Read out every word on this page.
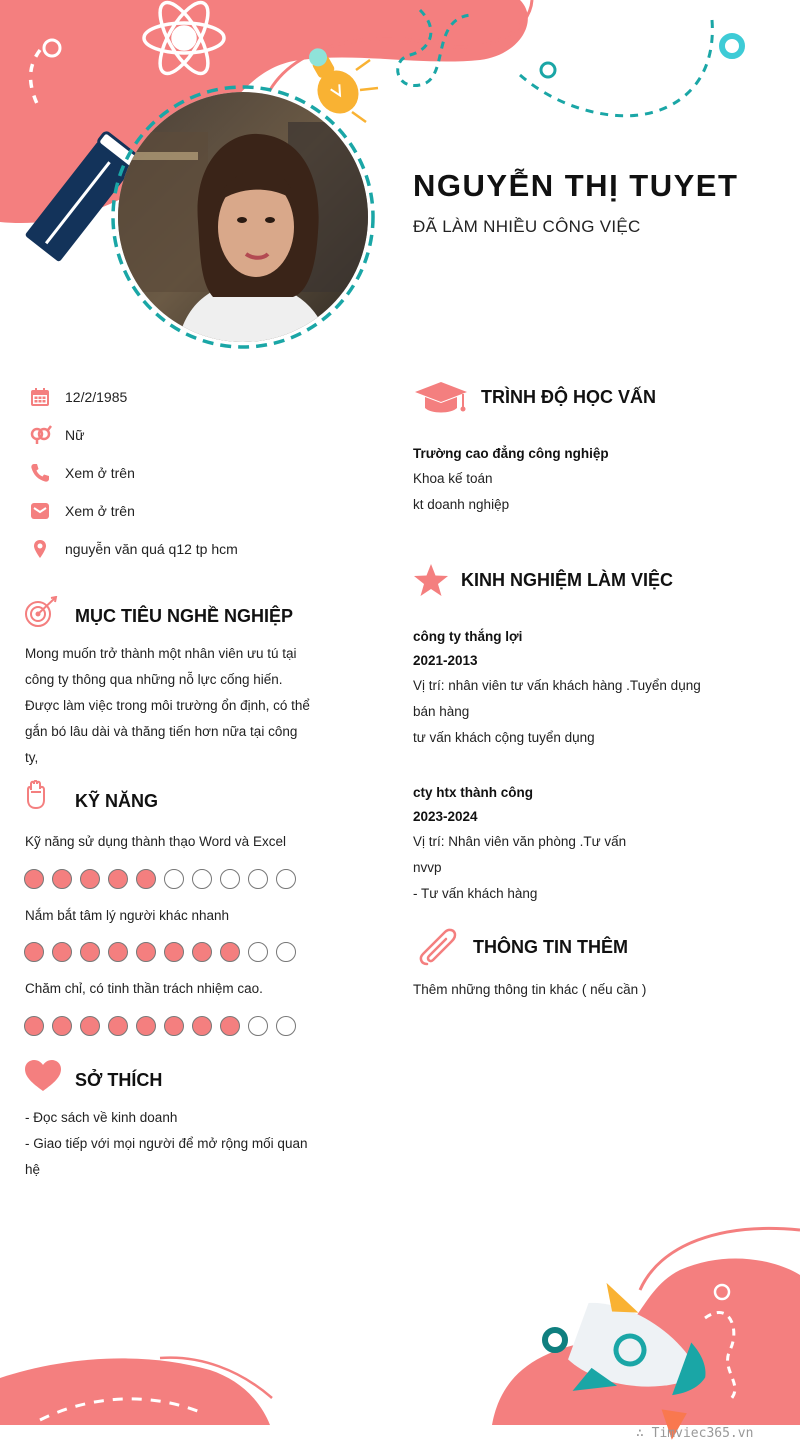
NGUYỄN THỊ TUYET
ĐÃ LÀM NHIỀU CÔNG VIỆC
12/2/1985
Nữ
Xem ở trên
Xem ở trên
nguyễn văn quá q12 tp hcm
MỤC TIÊU NGHỀ NGHIỆP
Mong muốn trở thành một nhân viên ưu tú tại
công ty thông qua những nỗ lực cống hiến.
Được làm việc trong môi trường ổn định, có thể
gắn bó lâu dài và thăng tiến hơn nữa tại công
ty,
KỸ NĂNG
Kỹ năng sử dụng thành thạo Word và Excel
Nắm bắt tâm lý người khác nhanh
Chăm chỉ, có tinh thần trách nhiệm cao.
SỞ THÍCH
- Đọc sách về kinh doanh
- Giao tiếp với mọi người để mở rộng mối quan
hệ
TRÌNH ĐỘ HỌC VẤN
Trường cao đẳng công nghiệp
Khoa kế toán
kt doanh nghiệp
KINH NGHIỆM LÀM VIỆC
công ty thắng lợi
2021-2013
Vị trí: nhân viên tư vấn khách hàng .Tuyển dụng
bán hàng
tư vấn khách cộng tuyển dụng
cty htx thành công
2023-2024
Vị trí: Nhân viên văn phòng .Tư vấn
nvvp
- Tư vấn khách hàng
THÔNG TIN THÊM
Thêm những thông tin khác ( nếu cần )
∴ Timviec365.vn
